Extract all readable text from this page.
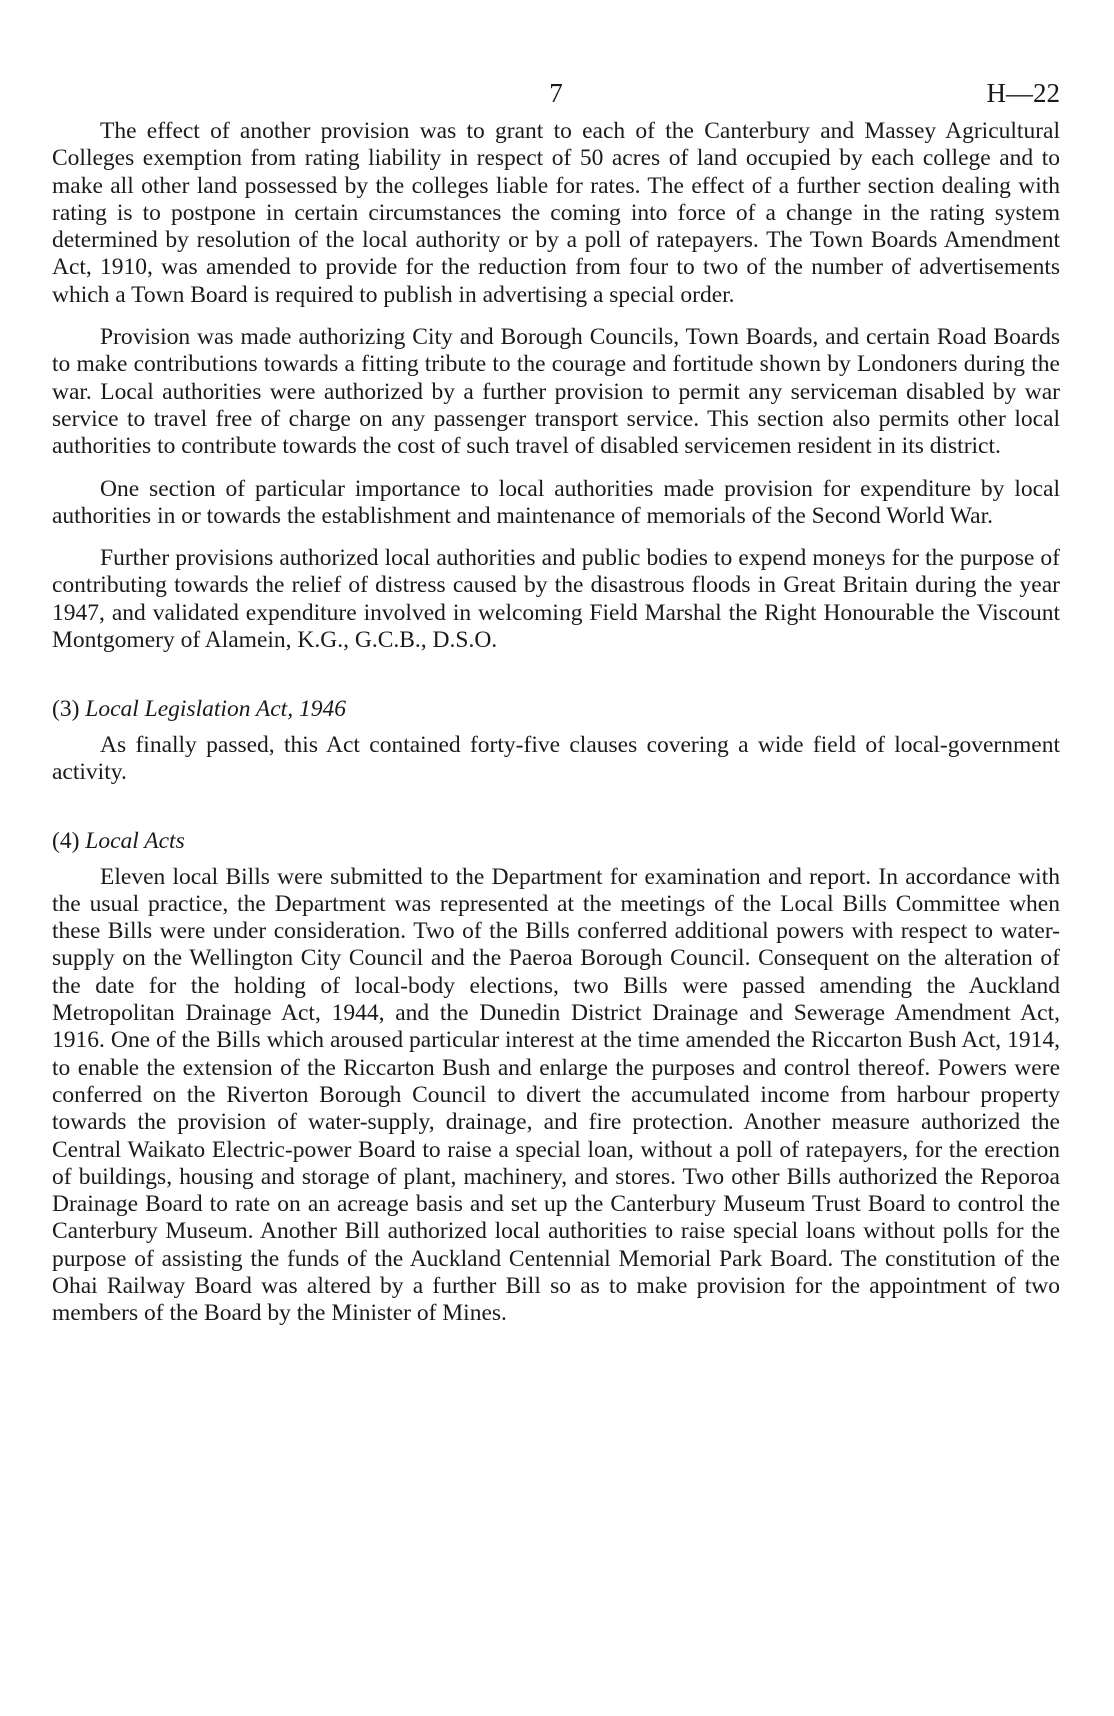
7	H—22

The effect of another provision was to grant to each of the Canterbury and Massey Agricultural Colleges exemption from rating liability in respect of 50 acres of land occupied by each college and to make all other land possessed by the colleges liable for rates. The effect of a further section dealing with rating is to postpone in certain circumstances the coming into force of a change in the rating system determined by resolution of the local authority or by a poll of ratepayers. The Town Boards Amendment Act, 1910, was amended to provide for the reduction from four to two of the number of advertisements which a Town Board is required to publish in advertising a special order.

Provision was made authorizing City and Borough Councils, Town Boards, and certain Road Boards to make contributions towards a fitting tribute to the courage and fortitude shown by Londoners during the war. Local authorities were authorized by a further provision to permit any serviceman disabled by war service to travel free of charge on any passenger transport service. This section also permits other local authorities to contribute towards the cost of such travel of disabled servicemen resident in its district.

One section of particular importance to local authorities made provision for expenditure by local authorities in or towards the establishment and maintenance of memorials of the Second World War.

Further provisions authorized local authorities and public bodies to expend moneys for the purpose of contributing towards the relief of distress caused by the disastrous floods in Great Britain during the year 1947, and validated expenditure involved in welcoming Field Marshal the Right Honourable the Viscount Montgomery of Alamein, K.G., G.C.B., D.S.O.

(3) Local Legislation Act, 1946

As finally passed, this Act contained forty-five clauses covering a wide field of local-government activity.

(4) Local Acts

Eleven local Bills were submitted to the Department for examination and report. In accordance with the usual practice, the Department was represented at the meetings of the Local Bills Committee when these Bills were under consideration. Two of the Bills conferred additional powers with respect to water-supply on the Wellington City Council and the Paeroa Borough Council. Consequent on the alteration of the date for the holding of local-body elections, two Bills were passed amending the Auckland Metropolitan Drainage Act, 1944, and the Dunedin District Drainage and Sewerage Amendment Act, 1916. One of the Bills which aroused particular interest at the time amended the Riccarton Bush Act, 1914, to enable the extension of the Riccarton Bush and enlarge the purposes and control thereof. Powers were conferred on the Riverton Borough Council to divert the accumulated income from harbour property towards the provision of water-supply, drainage, and fire protection. Another measure authorized the Central Waikato Electric-power Board to raise a special loan, without a poll of ratepayers, for the erection of buildings, housing and storage of plant, machinery, and stores. Two other Bills authorized the Reporoa Drainage Board to rate on an acreage basis and set up the Canterbury Museum Trust Board to control the Canterbury Museum. Another Bill authorized local authorities to raise special loans without polls for the purpose of assisting the funds of the Auckland Centennial Memorial Park Board. The constitution of the Ohai Railway Board was altered by a further Bill so as to make provision for the appointment of two members of the Board by the Minister of Mines.
